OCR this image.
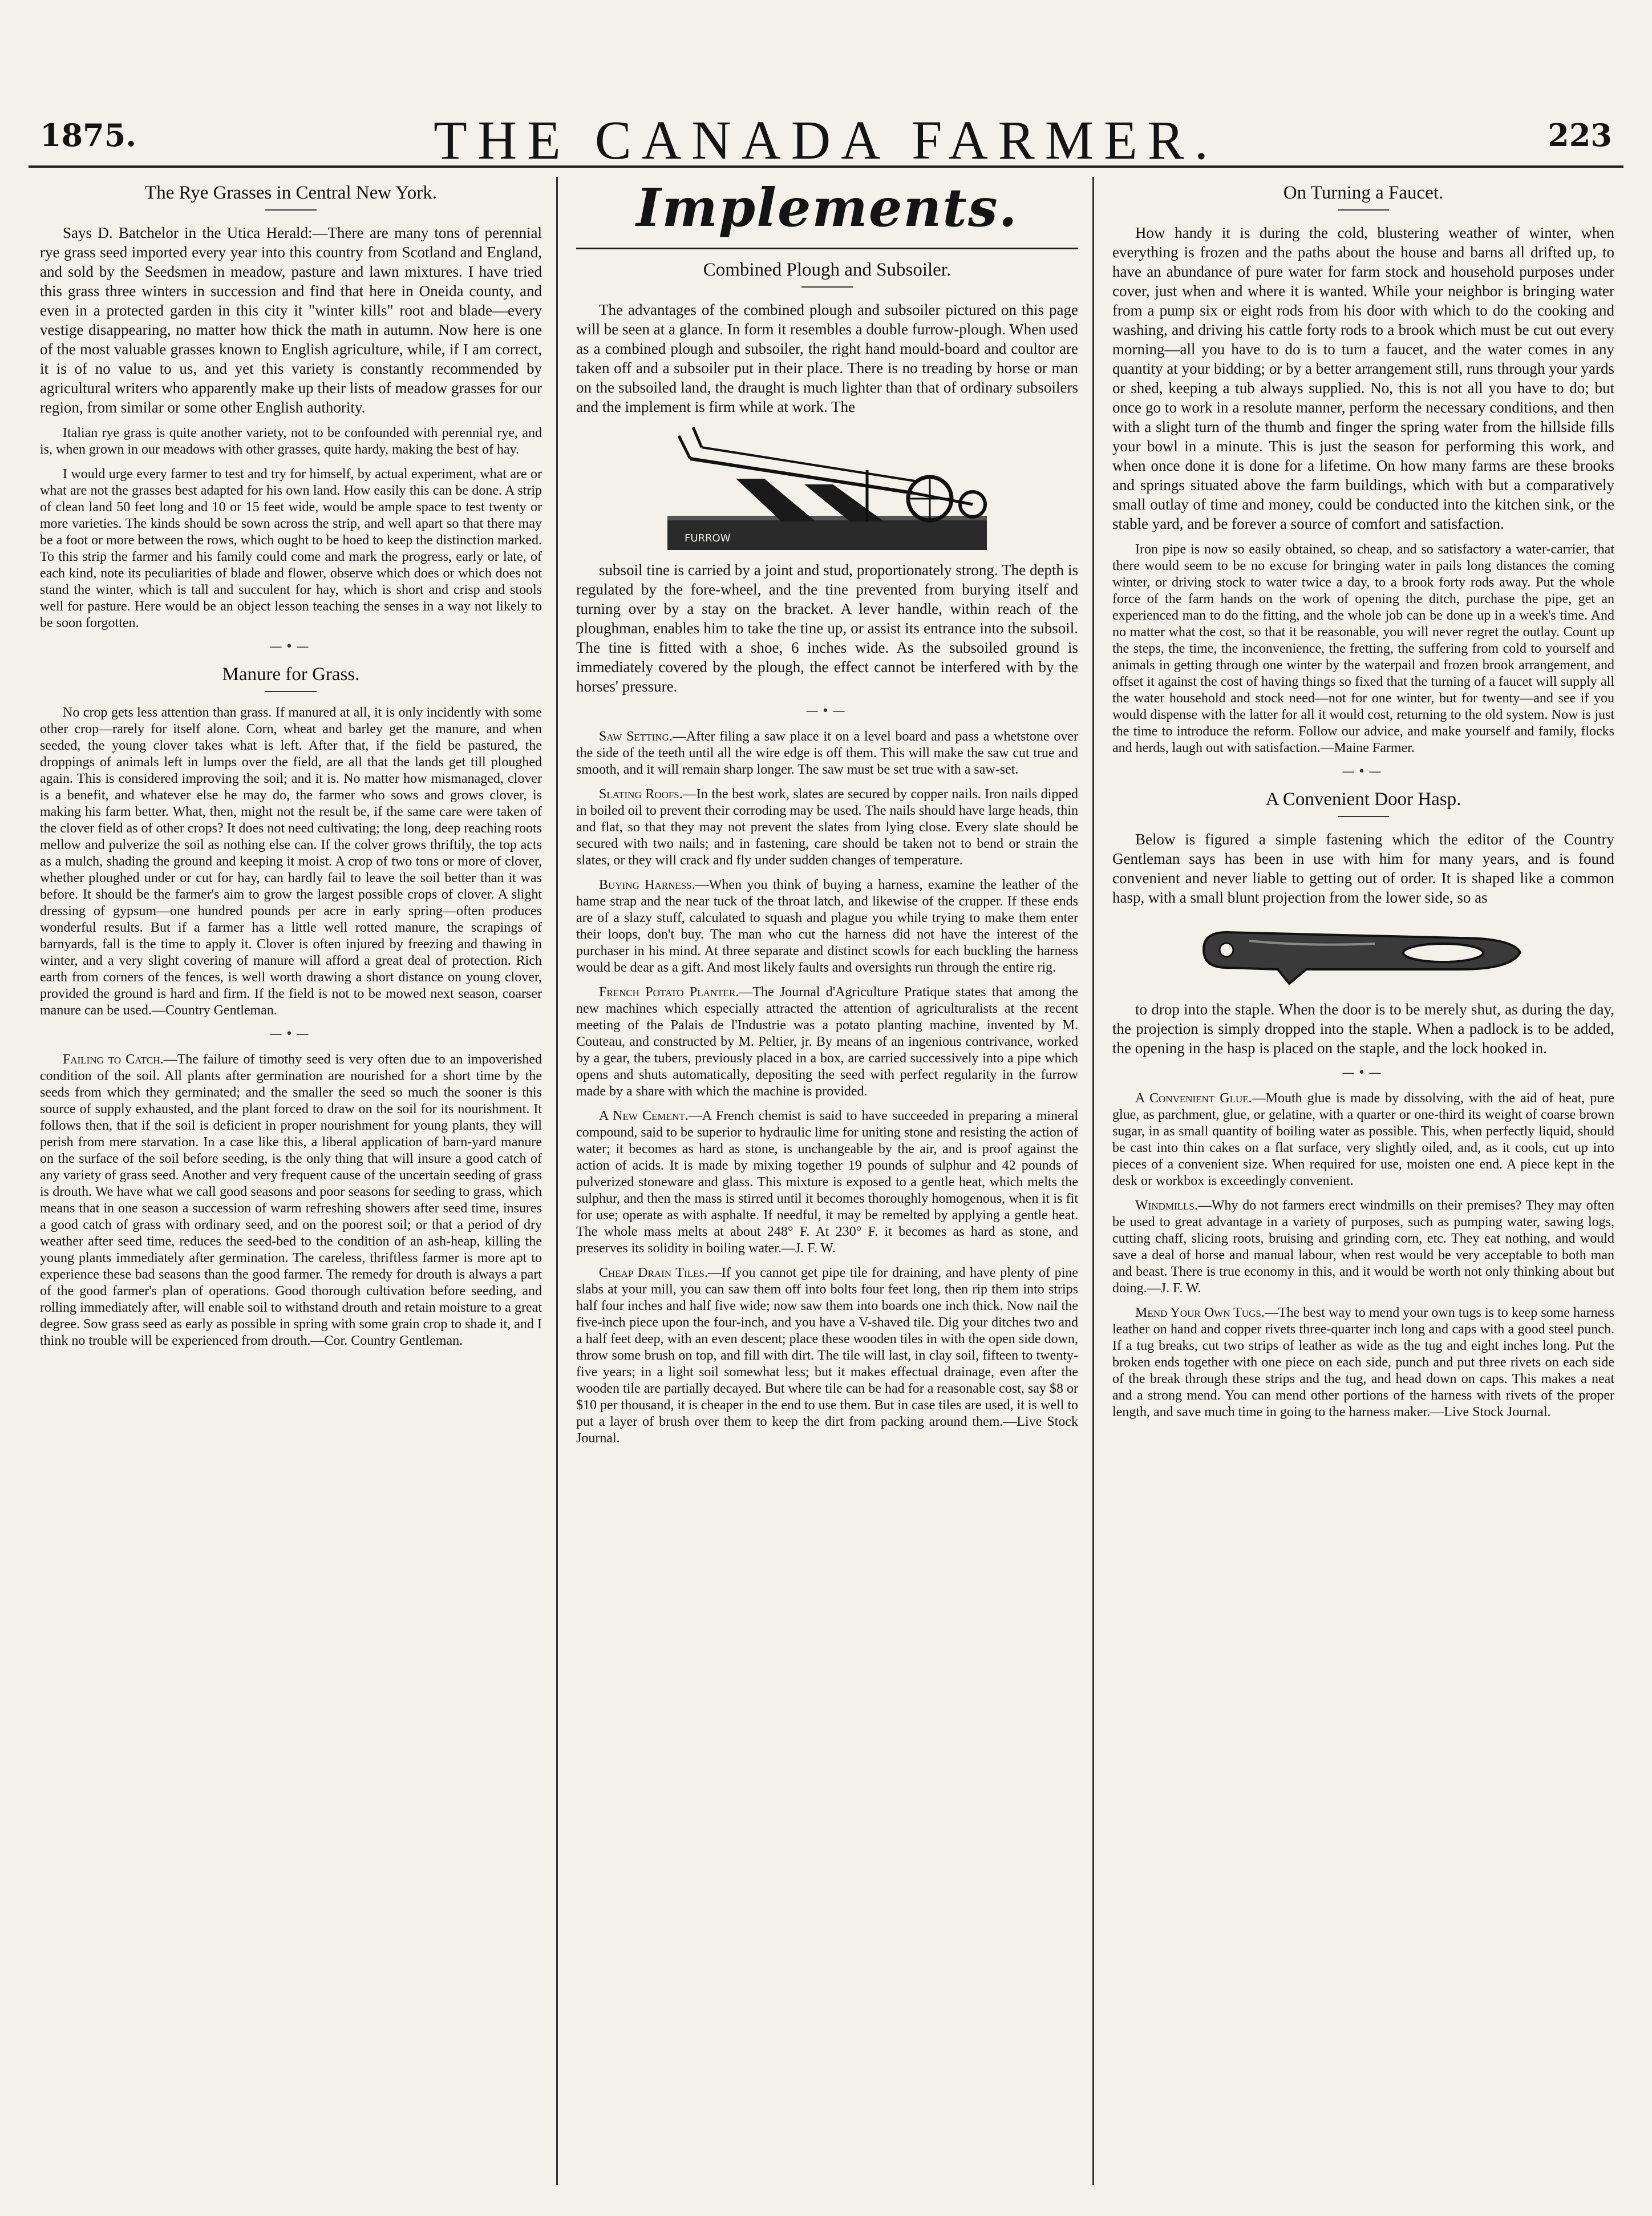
1875.	THE CANADA FARMER.	223
The Rye Grasses in Central New York.

Says D. Batchelor in the Utica Herald:—There are many tons of perennial rye grass seed imported every year into this country from Scotland and England, and sold by the Seedsmen in meadow, pasture and lawn mixtures. I have tried this grass three winters in succession and find that here in Oneida county, and even in a protected garden in this city it "winter kills" root and blade—every vestige disappearing, no matter how thick the math in autumn. Now here is one of the most valuable grasses known to English agriculture, while, if I am correct, it is of no value to us, and yet this variety is constantly recommended by agricultural writers who apparently make up their lists of meadow grasses for our region, from similar or some other English authority.

Italian rye grass is quite another variety, not to be confounded with perennial rye, and is, when grown in our meadows with other grasses, quite hardy, making the best of hay.

I would urge every farmer to test and try for himself, by actual experiment, what are or what are not the grasses best adapted for his own land. How easily this can be done. A strip of clean land 50 feet long and 10 or 15 feet wide, would be ample space to test twenty or more varieties. The kinds should be sown across the strip, and well apart so that there may be a foot or more between the rows, which ought to be hoed to keep the distinction marked. To this strip the farmer and his family could come and mark the progress, early or late, of each kind, note its peculiarities of blade and flower, observe which does or which does not stand the winter, which is tall and succulent for hay, which is short and crisp and stools well for pasture. Here would be an object lesson teaching the senses in a way not likely to be soon forgotten.

—•—
Manure for Grass.

No crop gets less attention than grass. If manured at all, it is only incidently with some other crop—rarely for itself alone. Corn, wheat and barley get the manure, and when seeded, the young clover takes what is left. After that, if the field be pastured, the droppings of animals left in lumps over the field, are all that the lands get till ploughed again. This is considered improving the soil; and it is. No matter how mismanaged, clover is a benefit, and whatever else he may do, the farmer who sows and grows clover, is making his farm better. What, then, might not the result be, if the same care were taken of the clover field as of other crops? It does not need cultivating; the long, deep reaching roots mellow and pulverize the soil as nothing else can. If the colver grows thriftily, the top acts as a mulch, shading the ground and keeping it moist. A crop of two tons or more of clover, whether ploughed under or cut for hay, can hardly fail to leave the soil better than it was before. It should be the farmer's aim to grow the largest possible crops of clover. A slight dressing of gypsum—one hundred pounds per acre in early spring—often produces wonderful results. But if a farmer has a little well rotted manure, the scrapings of barnyards, fall is the time to apply it. Clover is often injured by freezing and thawing in winter, and a very slight covering of manure will afford a great deal of protection. Rich earth from corners of the fences, is well worth drawing a short distance on young clover, provided the ground is hard and firm. If the field is not to be mowed next season, coarser manure can be used.—Country Gentleman.

—•—

Failing to Catch.—The failure of timothy seed is very often due to an impoverished condition of the soil. All plants after germination are nourished for a short time by the seeds from which they germinated; and the smaller the seed so much the sooner is this source of supply exhausted, and the plant forced to draw on the soil for its nourishment. It follows then, that if the soil is deficient in proper nourishment for young plants, they will perish from mere starvation. In a case like this, a liberal application of barn-yard manure on the surface of the soil before seeding, is the only thing that will insure a good catch of any variety of grass seed. Another and very frequent cause of the uncertain seeding of grass is drouth. We have what we call good seasons and poor seasons for seeding to grass, which means that in one season a succession of warm refreshing showers after seed time, insures a good catch of grass with ordinary seed, and on the poorest soil; or that a period of dry weather after seed time, reduces the seed-bed to the condition of an ash-heap, killing the young plants immediately after germination. The careless, thriftless farmer is more apt to experience these bad seasons than the good farmer. The remedy for drouth is always a part of the good farmer's plan of operations. Good thorough cultivation before seeding, and rolling immediately after, will enable soil to withstand drouth and retain moisture to a great degree. Sow grass seed as early as possible in spring with some grain crop to shade it, and I think no trouble will be experienced from drouth.—Cor. Country Gentleman.

Implements.
Combined Plough and Subsoiler.

The advantages of the combined plough and subsoiler pictured on this page will be seen at a glance. In form it resembles a double furrow-plough. When used as a combined plough and subsoiler, the right hand mould-board and coultor are taken off and a subsoiler put in their place. There is no treading by horse or man on the subsoiled land, the draught is much lighter than that of ordinary subsoilers and the implement is firm while at work. The

FURROW

subsoil tine is carried by a joint and stud, proportionately strong. The depth is regulated by the fore-wheel, and the tine prevented from burying itself and turning over by a stay on the bracket. A lever handle, within reach of the ploughman, enables him to take the tine up, or assist its entrance into the subsoil. The tine is fitted with a shoe, 6 inches wide. As the subsoiled ground is immediately covered by the plough, the effect cannot be interfered with by the horses' pressure.

—•—

Saw Setting.—After filing a saw place it on a level board and pass a whetstone over the side of the teeth until all the wire edge is off them. This will make the saw cut true and smooth, and it will remain sharp longer. The saw must be set true with a saw-set.

Slating Roofs.—In the best work, slates are secured by copper nails. Iron nails dipped in boiled oil to prevent their corroding may be used. The nails should have large heads, thin and flat, so that they may not prevent the slates from lying close. Every slate should be secured with two nails; and in fastening, care should be taken not to bend or strain the slates, or they will crack and fly under sudden changes of temperature.

Buying Harness.—When you think of buying a harness, examine the leather of the hame strap and the near tuck of the throat latch, and likewise of the crupper. If these ends are of a slazy stuff, calculated to squash and plague you while trying to make them enter their loops, don't buy. The man who cut the harness did not have the interest of the purchaser in his mind. At three separate and distinct scowls for each buckling the harness would be dear as a gift. And most likely faults and oversights run through the entire rig.

French Potato Planter.—The Journal d'Agriculture Pratique states that among the new machines which especially attracted the attention of agriculturalists at the recent meeting of the Palais de l'Industrie was a potato planting machine, invented by M. Couteau, and constructed by M. Peltier, jr. By means of an ingenious contrivance, worked by a gear, the tubers, previously placed in a box, are carried successively into a pipe which opens and shuts automatically, depositing the seed with perfect regularity in the furrow made by a share with which the machine is provided.

A New Cement.—A French chemist is said to have succeeded in preparing a mineral compound, said to be superior to hydraulic lime for uniting stone and resisting the action of water; it becomes as hard as stone, is unchangeable by the air, and is proof against the action of acids. It is made by mixing together 19 pounds of sulphur and 42 pounds of pulverized stoneware and glass. This mixture is exposed to a gentle heat, which melts the sulphur, and then the mass is stirred until it becomes thoroughly homogenous, when it is fit for use; operate as with asphalte. If needful, it may be remelted by applying a gentle heat. The whole mass melts at about 248° F. At 230° F. it becomes as hard as stone, and preserves its solidity in boiling water.—J. F. W.

Cheap Drain Tiles.—If you cannot get pipe tile for draining, and have plenty of pine slabs at your mill, you can saw them off into bolts four feet long, then rip them into strips half four inches and half five wide; now saw them into boards one inch thick. Now nail the five-inch piece upon the four-inch, and you have a V-shaved tile. Dig your ditches two and a half feet deep, with an even descent; place these wooden tiles in with the open side down, throw some brush on top, and fill with dirt. The tile will last, in clay soil, fifteen to twenty-five years; in a light soil somewhat less; but it makes effectual drainage, even after the wooden tile are partially decayed. But where tile can be had for a reasonable cost, say $8 or $10 per thousand, it is cheaper in the end to use them. But in case tiles are used, it is well to put a layer of brush over them to keep the dirt from packing around them.—Live Stock Journal.

On Turning a Faucet.

How handy it is during the cold, blustering weather of winter, when everything is frozen and the paths about the house and barns all drifted up, to have an abundance of pure water for farm stock and household purposes under cover, just when and where it is wanted. While your neighbor is bringing water from a pump six or eight rods from his door with which to do the cooking and washing, and driving his cattle forty rods to a brook which must be cut out every morning—all you have to do is to turn a faucet, and the water comes in any quantity at your bidding; or by a better arrangement still, runs through your yards or shed, keeping a tub always supplied. No, this is not all you have to do; but once go to work in a resolute manner, perform the necessary conditions, and then with a slight turn of the thumb and finger the spring water from the hillside fills your bowl in a minute. This is just the season for performing this work, and when once done it is done for a lifetime. On how many farms are these brooks and springs situated above the farm buildings, which with but a comparatively small outlay of time and money, could be conducted into the kitchen sink, or the stable yard, and be forever a source of comfort and satisfaction.

Iron pipe is now so easily obtained, so cheap, and so satisfactory a water-carrier, that there would seem to be no excuse for bringing water in pails long distances the coming winter, or driving stock to water twice a day, to a brook forty rods away. Put the whole force of the farm hands on the work of opening the ditch, purchase the pipe, get an experienced man to do the fitting, and the whole job can be done up in a week's time. And no matter what the cost, so that it be reasonable, you will never regret the outlay. Count up the steps, the time, the inconvenience, the fretting, the suffering from cold to yourself and animals in getting through one winter by the waterpail and frozen brook arrangement, and offset it against the cost of having things so fixed that the turning of a faucet will supply all the water household and stock need—not for one winter, but for twenty—and see if you would dispense with the latter for all it would cost, returning to the old system. Now is just the time to introduce the reform. Follow our advice, and make yourself and family, flocks and herds, laugh out with satisfaction.—Maine Farmer.

—•—
A Convenient Door Hasp.

Below is figured a simple fastening which the editor of the Country Gentleman says has been in use with him for many years, and is found convenient and never liable to getting out of order. It is shaped like a common hasp, with a small blunt projection from the lower side, so as

to drop into the staple. When the door is to be merely shut, as during the day, the projection is simply dropped into the staple. When a padlock is to be added, the opening in the hasp is placed on the staple, and the lock hooked in.

—•—

A Convenient Glue.—Mouth glue is made by dissolving, with the aid of heat, pure glue, as parchment, glue, or gelatine, with a quarter or one-third its weight of coarse brown sugar, in as small quantity of boiling water as possible. This, when perfectly liquid, should be cast into thin cakes on a flat surface, very slightly oiled, and, as it cools, cut up into pieces of a convenient size. When required for use, moisten one end. A piece kept in the desk or workbox is exceedingly convenient.

Windmills.—Why do not farmers erect windmills on their premises? They may often be used to great advantage in a variety of purposes, such as pumping water, sawing logs, cutting chaff, slicing roots, bruising and grinding corn, etc. They eat nothing, and would save a deal of horse and manual labour, when rest would be very acceptable to both man and beast. There is true economy in this, and it would be worth not only thinking about but doing.—J. F. W.

Mend Your Own Tugs.—The best way to mend your own tugs is to keep some harness leather on hand and copper rivets three-quarter inch long and caps with a good steel punch. If a tug breaks, cut two strips of leather as wide as the tug and eight inches long. Put the broken ends together with one piece on each side, punch and put three rivets on each side of the break through these strips and the tug, and head down on caps. This makes a neat and a strong mend. You can mend other portions of the harness with rivets of the proper length, and save much time in going to the harness maker.—Live Stock Journal.
